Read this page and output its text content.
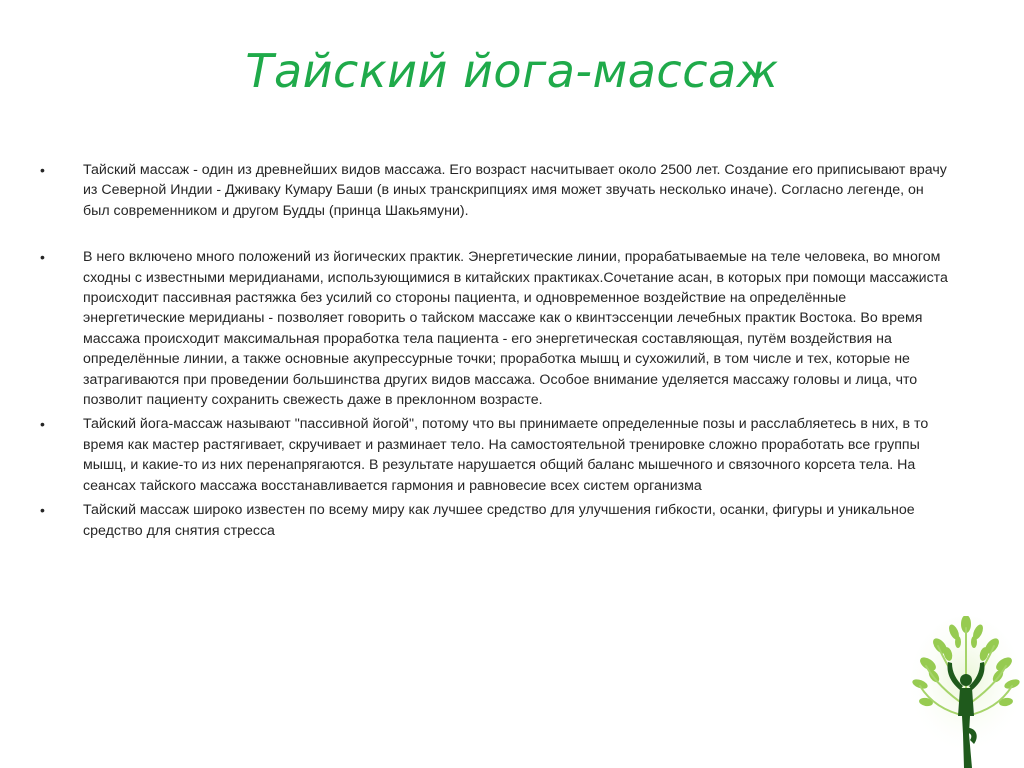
Тайский йога-массаж
•	Тайский массаж - один из древнейших видов массажа. Его возраст насчитывает около 2500 лет. Создание его приписывают врачу из Северной Индии - Дживаку Кумару Баши (в иных транскрипциях имя может звучать несколько иначе). Согласно легенде, он был современником и другом Будды (принца Шакьямуни).
•	В него включено много положений из йогических практик. Энергетические линии, прорабатываемые на теле человека, во многом сходны с известными меридианами, использующимися в китайских практиках.Сочетание асан, в которых при помощи массажиста происходит пассивная растяжка без усилий со стороны пациента, и одновременное воздействие на определённые энергетические меридианы - позволяет говорить о тайском массаже как о квинтэссенции лечебных практик Востока. Во время массажа происходит максимальная проработка тела пациента - его энергетическая составляющая, путём воздействия на определённые линии, а также основные акупрессурные точки; проработка мышц и сухожилий, в том числе и тех, которые не затрагиваются при проведении большинства других видов массажа. Особое внимание уделяется массажу головы и лица, что позволит пациенту сохранить свежесть даже в преклонном возрасте.
•	Тайский йога-массаж называют "пассивной йогой", потому что вы принимаете определенные позы и расслабляетесь в них, в то время как мастер растягивает, скручивает и разминает тело. На самостоятельной тренировке сложно проработать все группы мышц, и какие-то из них перенапрягаются. В результате нарушается общий баланс мышечного и связочного корсета тела. На сеансах тайского массажа восстанавливается гармония и равновесие всех систем организма
•	Тайский массаж широко известен по всему миру как лучшее средство для улучшения гибкости, осанки, фигуры и уникальное средство для снятия стресса
